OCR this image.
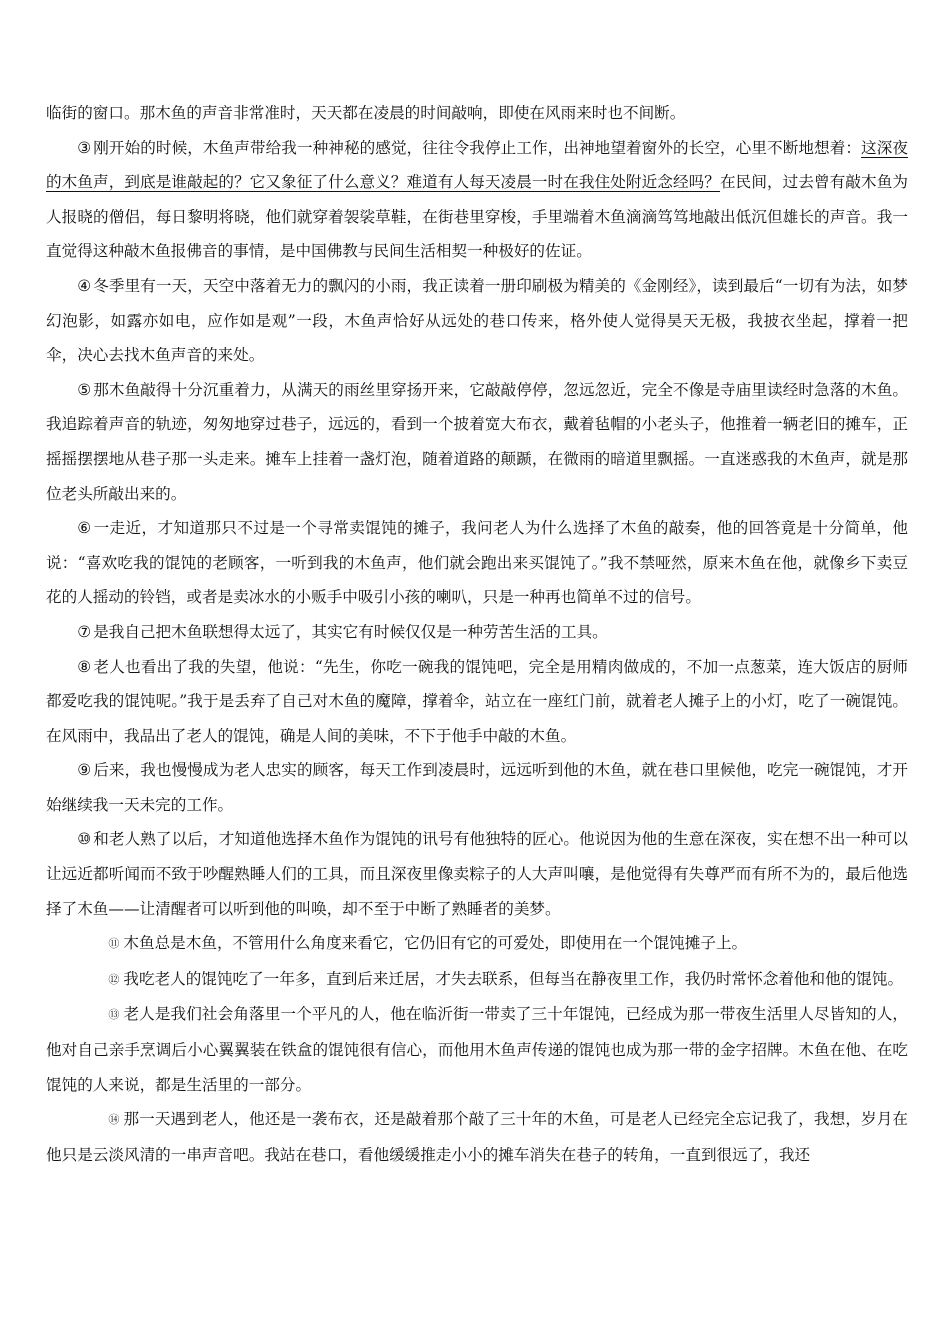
临街的窗口。那木鱼的声音非常准时，天天都在凌晨的时间敲响，即使在风雨来时也不间断。

③ 刚开始的时候，木鱼声带给我一种神秘的感觉，往往令我停止工作，出神地望着窗外的长空，心里不断地想着：这深夜的木鱼声，到底是谁敲起的？它又象征了什么意义？难道有人每天凌晨一时在我住处附近念经吗？在民间，过去曾有敲木鱼为人报晓的僧侣，每日黎明将晓，他们就穿着袈裟草鞋，在街巷里穿梭，手里端着木鱼滴滴笃笃地敲出低沉但雄长的声音。我一直觉得这种敲木鱼报佛音的事情，是中国佛教与民间生活相契一种极好的佐证。

④ 冬季里有一天，天空中落着无力的飘闪的小雨，我正读着一册印刷极为精美的《金刚经》，读到最后“一切有为法，如梦幻泡影，如露亦如电，应作如是观”一段，木鱼声恰好从远处的巷口传来，格外使人觉得昊天无极，我披衣坐起，撑着一把伞，决心去找木鱼声音的来处。

⑤ 那木鱼敲得十分沉重着力，从满天的雨丝里穿扬开来，它敲敲停停，忽远忽近，完全不像是寺庙里读经时急落的木鱼。我追踪着声音的轨迹，匆匆地穿过巷子，远远的，看到一个披着宽大布衣，戴着毡帽的小老头子，他推着一辆老旧的摊车，正摇摇摆摆地从巷子那一头走来。摊车上挂着一盏灯泡，随着道路的颠踬，在微雨的暗道里飘摇。一直迷惑我的木鱼声，就是那位老头所敲出来的。

⑥ 一走近，才知道那只不过是一个寻常卖馄饨的摊子，我问老人为什么选择了木鱼的敲奏，他的回答竟是十分简单，他说：“喜欢吃我的馄饨的老顾客，一听到我的木鱼声，他们就会跑出来买馄饨了。”我不禁哑然，原来木鱼在他，就像乡下卖豆花的人摇动的铃铛，或者是卖冰水的小贩手中吸引小孩的喇叭，只是一种再也简单不过的信号。

⑦ 是我自己把木鱼联想得太远了，其实它有时候仅仅是一种劳苦生活的工具。

⑧ 老人也看出了我的失望，他说：“先生，你吃一碗我的馄饨吧，完全是用精肉做成的，不加一点葱菜，连大饭店的厨师都爱吃我的馄饨呢。”我于是丢弃了自己对木鱼的魔障，撑着伞，站立在一座红门前，就着老人摊子上的小灯，吃了一碗馄饨。在风雨中，我品出了老人的馄饨，确是人间的美味，不下于他手中敲的木鱼。

⑨ 后来，我也慢慢成为老人忠实的顾客，每天工作到凌晨时，远远听到他的木鱼，就在巷口里候他，吃完一碗馄饨，才开始继续我一天未完的工作。

⑩ 和老人熟了以后，才知道他选择木鱼作为馄饨的讯号有他独特的匠心。他说因为他的生意在深夜，实在想不出一种可以让远近都听闻而不致于吵醒熟睡人们的工具，而且深夜里像卖粽子的人大声叫嚷，是他觉得有失尊严而有所不为的，最后他选择了木鱼——让清醒者可以听到他的叫唤，却不至于中断了熟睡者的美梦。

⑪ 木鱼总是木鱼，不管用什么角度来看它，它仍旧有它的可爱处，即使用在一个馄饨摊子上。

⑫ 我吃老人的馄饨吃了一年多，直到后来迁居，才失去联系，但每当在静夜里工作，我仍时常怀念着他和他的馄饨。

⑬ 老人是我们社会角落里一个平凡的人，他在临沂街一带卖了三十年馄饨，已经成为那一带夜生活里人尽皆知的人，他对自己亲手烹调后小心翼翼装在铁盒的馄饨很有信心，而他用木鱼声传递的馄饨也成为那一带的金字招牌。木鱼在他、在吃馄饨的人来说，都是生活里的一部分。

⑭ 那一天遇到老人，他还是一袭布衣，还是敲着那个敲了三十年的木鱼，可是老人已经完全忘记我了，我想，岁月在他只是云淡风清的一串声音吧。我站在巷口，看他缓缓推走小小的摊车消失在巷子的转角，一直到很远了，我还
